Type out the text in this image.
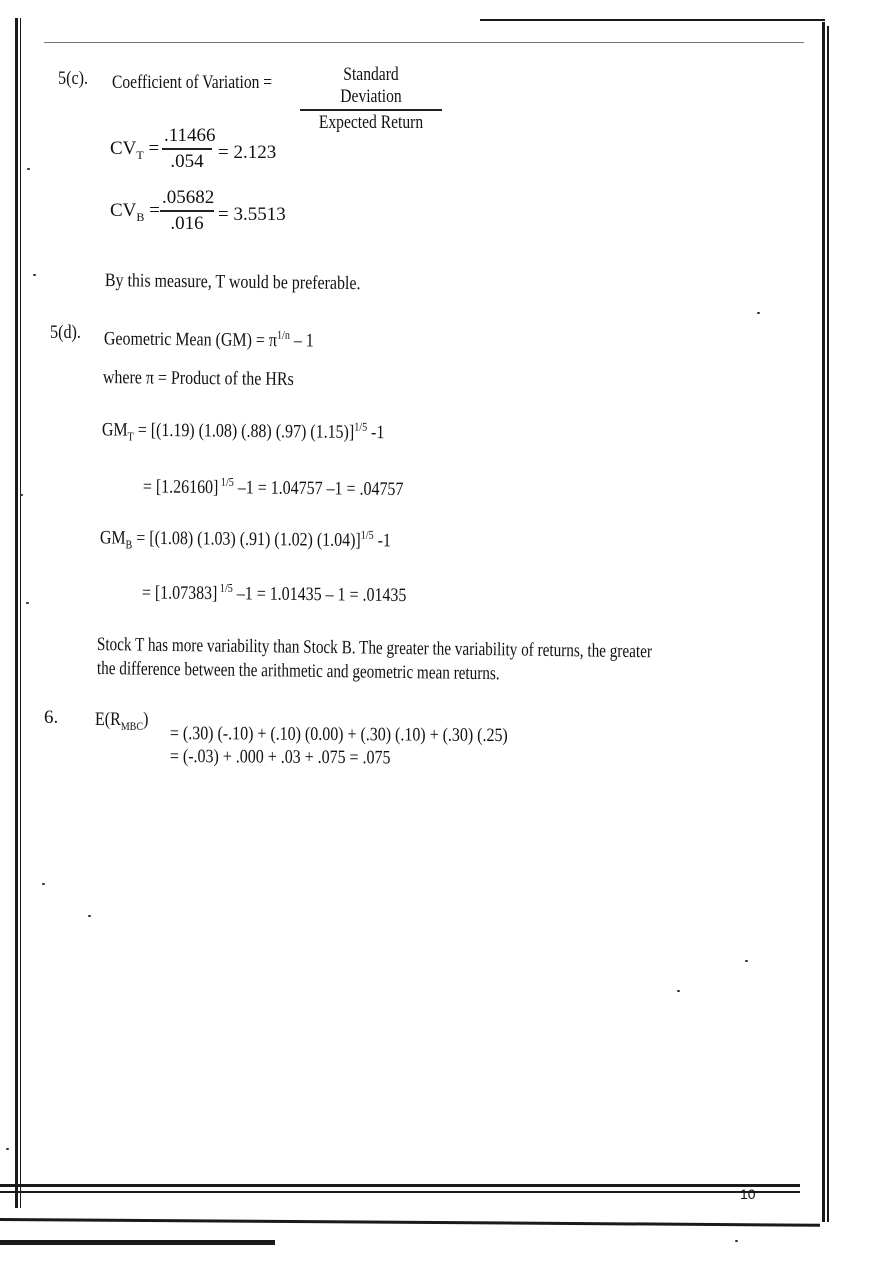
5(c). Coefficient of Variation =	Standard Deviation
Expected Return
$CV_T$ =
.11466
.054 = 2.123
$CV_B$ =
.05682
.016 = 3.5513
By this measure, T would be preferable.
5(d). Geometric Mean $(GM) = \pi^{1/n} - 1$
where π = Product of the HRs
$GM_T = [(1.19)$ (1.08) (.88) (.97) (1.15)]$^{1/5}$ -1
= [1.26160] $^{1/5}$ –1 = 1.04757 –1 = .04757
$GM_B = [(1.08)$ (1.03) (.91) (1.02) (1.04)]$^{1/5}$ -1
= [1.07383] $^{1/5}$ –1 = 1.01435 – 1 = .01435
Stock T has more variability than Stock B. The greater the variability of returns, the greater
the difference between the arithmetic and geometric mean returns.
6. $E(R_{MBC})$
= (.30) (-.10) + (.10) (0.00) + (.30) (.10) + (.30) (.25)
= (-.03) + .000 + .03 + .075 = .075
10
